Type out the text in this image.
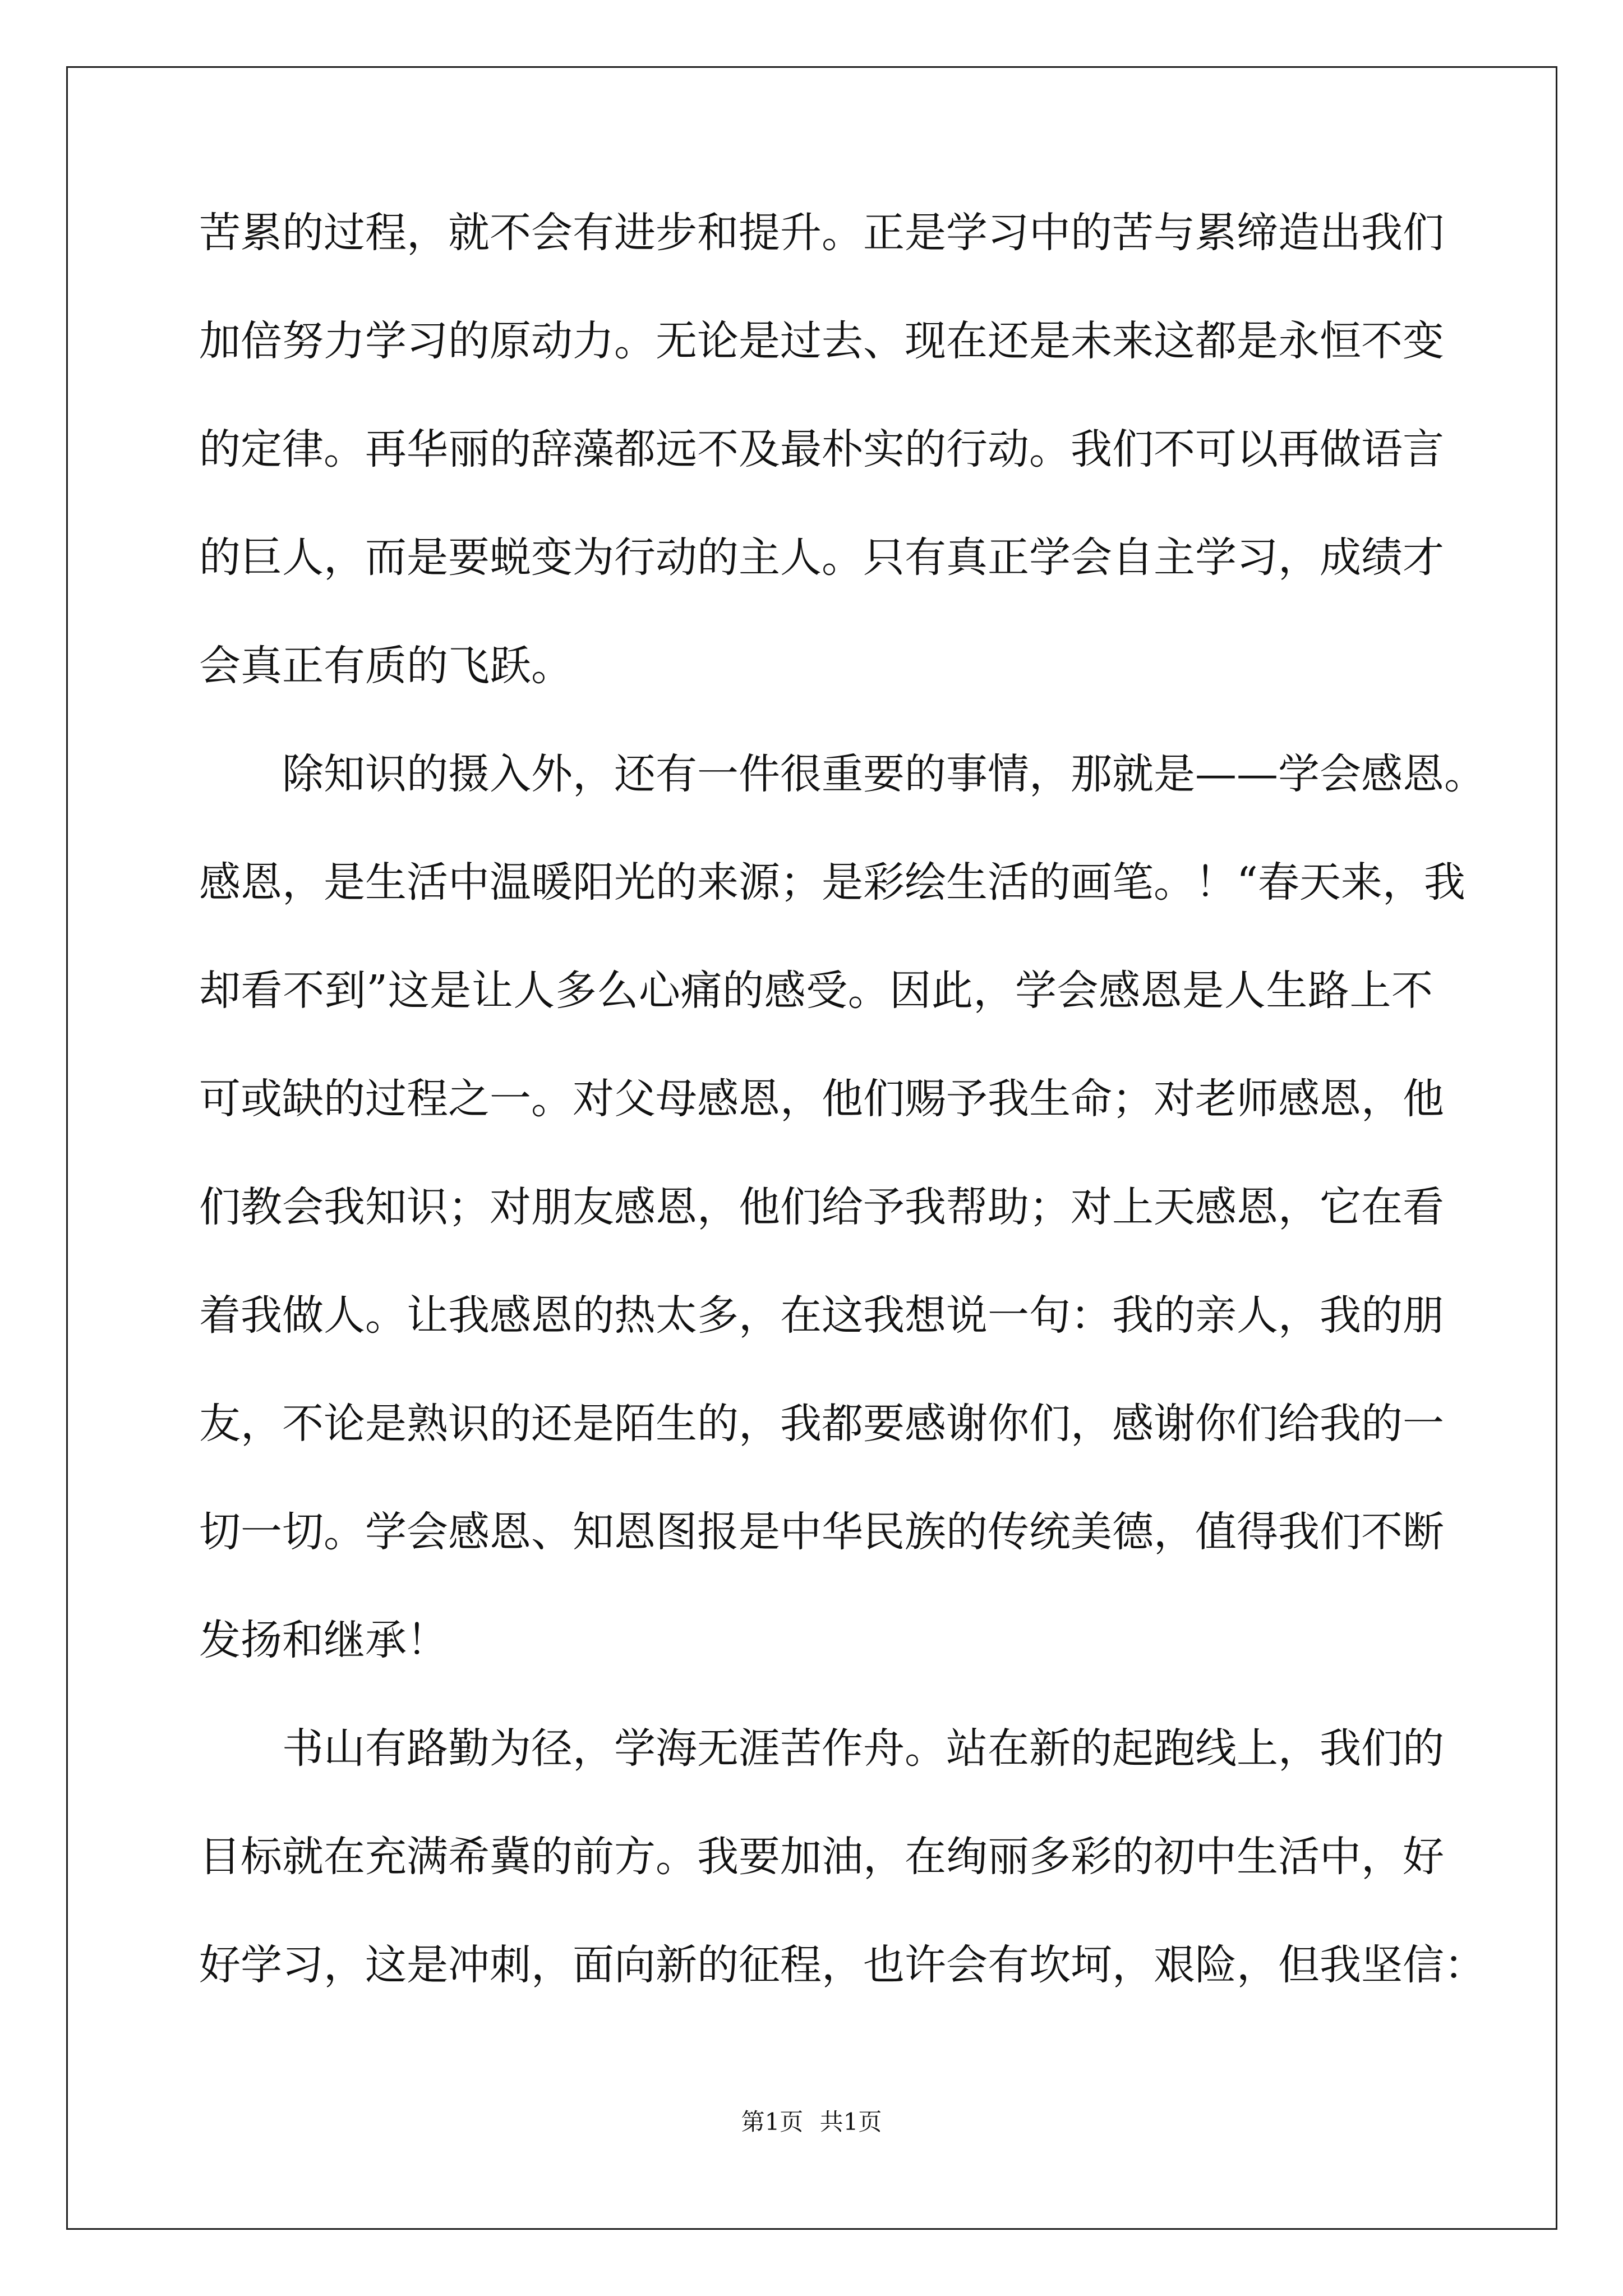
苦累的过程，就不会有进步和提升。正是学习中的苦与累缔造出我们
加倍努力学习的原动力。无论是过去、现在还是未来这都是永恒不变
的定律。再华丽的辞藻都远不及最朴实的行动。我们不可以再做语言
的巨人，而是要蜕变为行动的主人。只有真正学会自主学习，成绩才
会真正有质的飞跃。
除知识的摄入外，还有一件很重要的事情，那就是——学会感恩。
感恩，是生活中温暖阳光的来源；是彩绘生活的画笔。！“春天来，我
却看不到”这是让人多么心痛的感受。因此，学会感恩是人生路上不
可或缺的过程之一。对父母感恩，他们赐予我生命；对老师感恩，他
们教会我知识；对朋友感恩，他们给予我帮助；对上天感恩，它在看
着我做人。让我感恩的热太多，在这我想说一句：我的亲人，我的朋
友，不论是熟识的还是陌生的，我都要感谢你们，感谢你们给我的一
切一切。学会感恩、知恩图报是中华民族的传统美德，值得我们不断
发扬和继承！
书山有路勤为径，学海无涯苦作舟。站在新的起跑线上，我们的
目标就在充满希冀的前方。我要加油，在绚丽多彩的初中生活中，好
好学习，这是冲刺，面向新的征程，也许会有坎坷，艰险，但我坚信：
第1页 共1页
